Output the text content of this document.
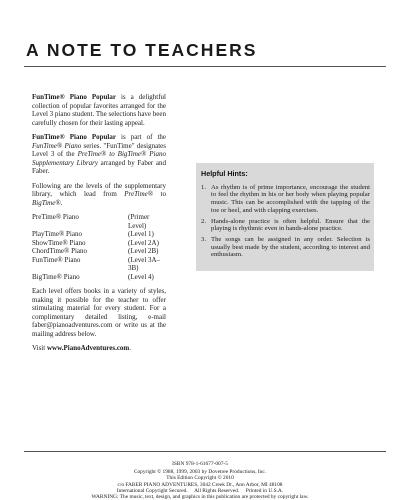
A NOTE TO TEACHERS

FunTime® Piano Popular is a delightful collection of popular favorites arranged for the Level 3 piano student. The selections have been carefully chosen for their lasting appeal.

FunTime® Piano Popular is part of the FunTime® Piano series. "FunTime" designates Level 3 of the PreTime® to BigTime® Piano Supplementary Library arranged by Faber and Faber.

Following are the levels of the supplementary library, which lead from PreTime® to BigTime®.

PreTime® Piano	(Primer Level)
PlayTime® Piano	(Level 1)
ShowTime® Piano	(Level 2A)
ChordTime® Piano	(Level 2B)
FunTime® Piano	(Level 3A–3B)
BigTime® Piano	(Level 4)

Each level offers books in a variety of styles, making it possible for the teacher to offer stimulating material for every student. For a complimentary detailed listing, e-mail faber@pianoadventures.com or write us at the mailing address below.

Visit www.PianoAdventures.com.

Helpful Hints:
1. As rhythm is of prime importance, encourage the student to feel the rhythm in his or her body when playing popular music. This can be accomplished with the tapping of the toe or heel, and with clapping exercises.
2. Hands-alone practice is often helpful. Ensure that the playing is rhythmic even in hands-alone practice.
3. The songs can be assigned in any order. Selection is usually best made by the student, according to interest and enthusiasm.
ISBN 978-1-61677-007-5
Copyright © 1988, 1999, 2003 by Dovetree Productions, Inc.
This Edition Copyright © 2010
c/o FABER PIANO ADVENTURES, 3042 Creek Dr., Ann Arbor, MI 48108
International Copyright Secured.     All Rights Reserved.     Printed in U.S.A.
WARNING: The music, text, design, and graphics in this publication are protected by copyright law.
